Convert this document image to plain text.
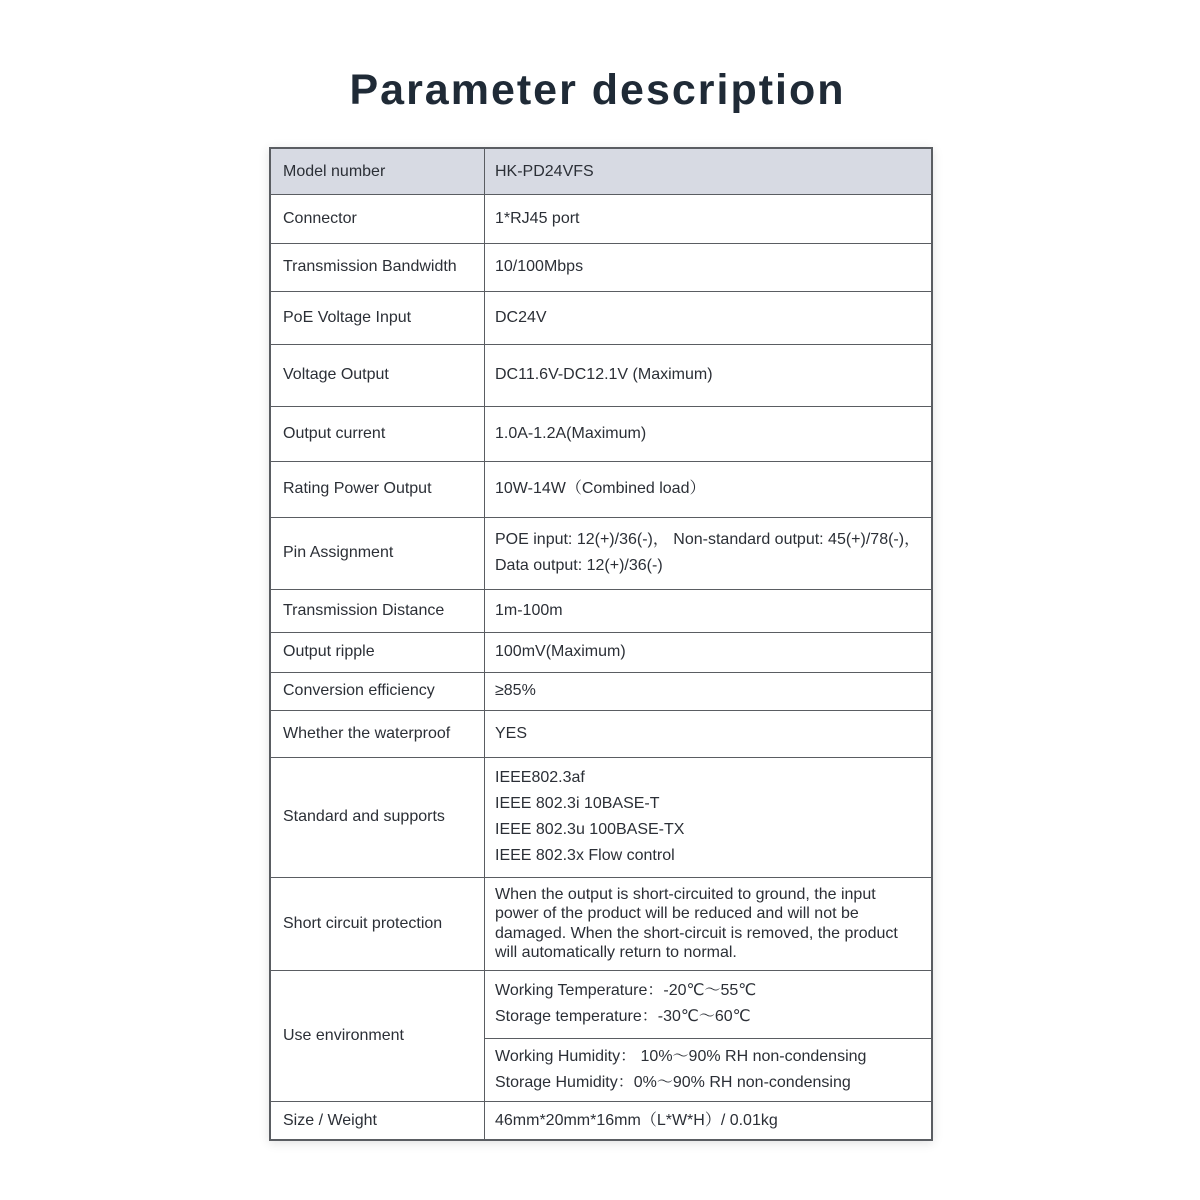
Parameter description
Model number	HK-PD24VFS
Connector	1*RJ45 port
Transmission Bandwidth	10/100Mbps
PoE Voltage Input	DC24V
Voltage Output	DC11.6V-DC12.1V (Maximum)
Output current	1.0A-1.2A(Maximum)
Rating Power Output	10W-14W（Combined load）
Pin Assignment	POE input: 12(+)/36(-)， Non-standard output: 45(+)/78(-)，
Data output: 12(+)/36(-)

Transmission Distance	1m-100m
Output ripple	100mV(Maximum)
Conversion efficiency	≥85%
Whether the waterproof	YES
Standard and supports	IEEE802.3af
IEEE 802.3i 10BASE-T
IEEE 802.3u 100BASE-TX
IEEE 802.3x Flow control

Short circuit protection	When the output is short-circuited to ground, the input
power of the product will be reduced and will not be
damaged. When the short-circuit is removed, the product
will automatically return to normal.

Use environment	Working Temperature：-20℃～55℃
Storage temperature：-30℃～60℃

	Working Humidity： 10%～90% RH non-condensing
Storage Humidity：0%～90% RH non-condensing

Size / Weight	46mm*20mm*16mm（L*W*H）/ 0.01kg
